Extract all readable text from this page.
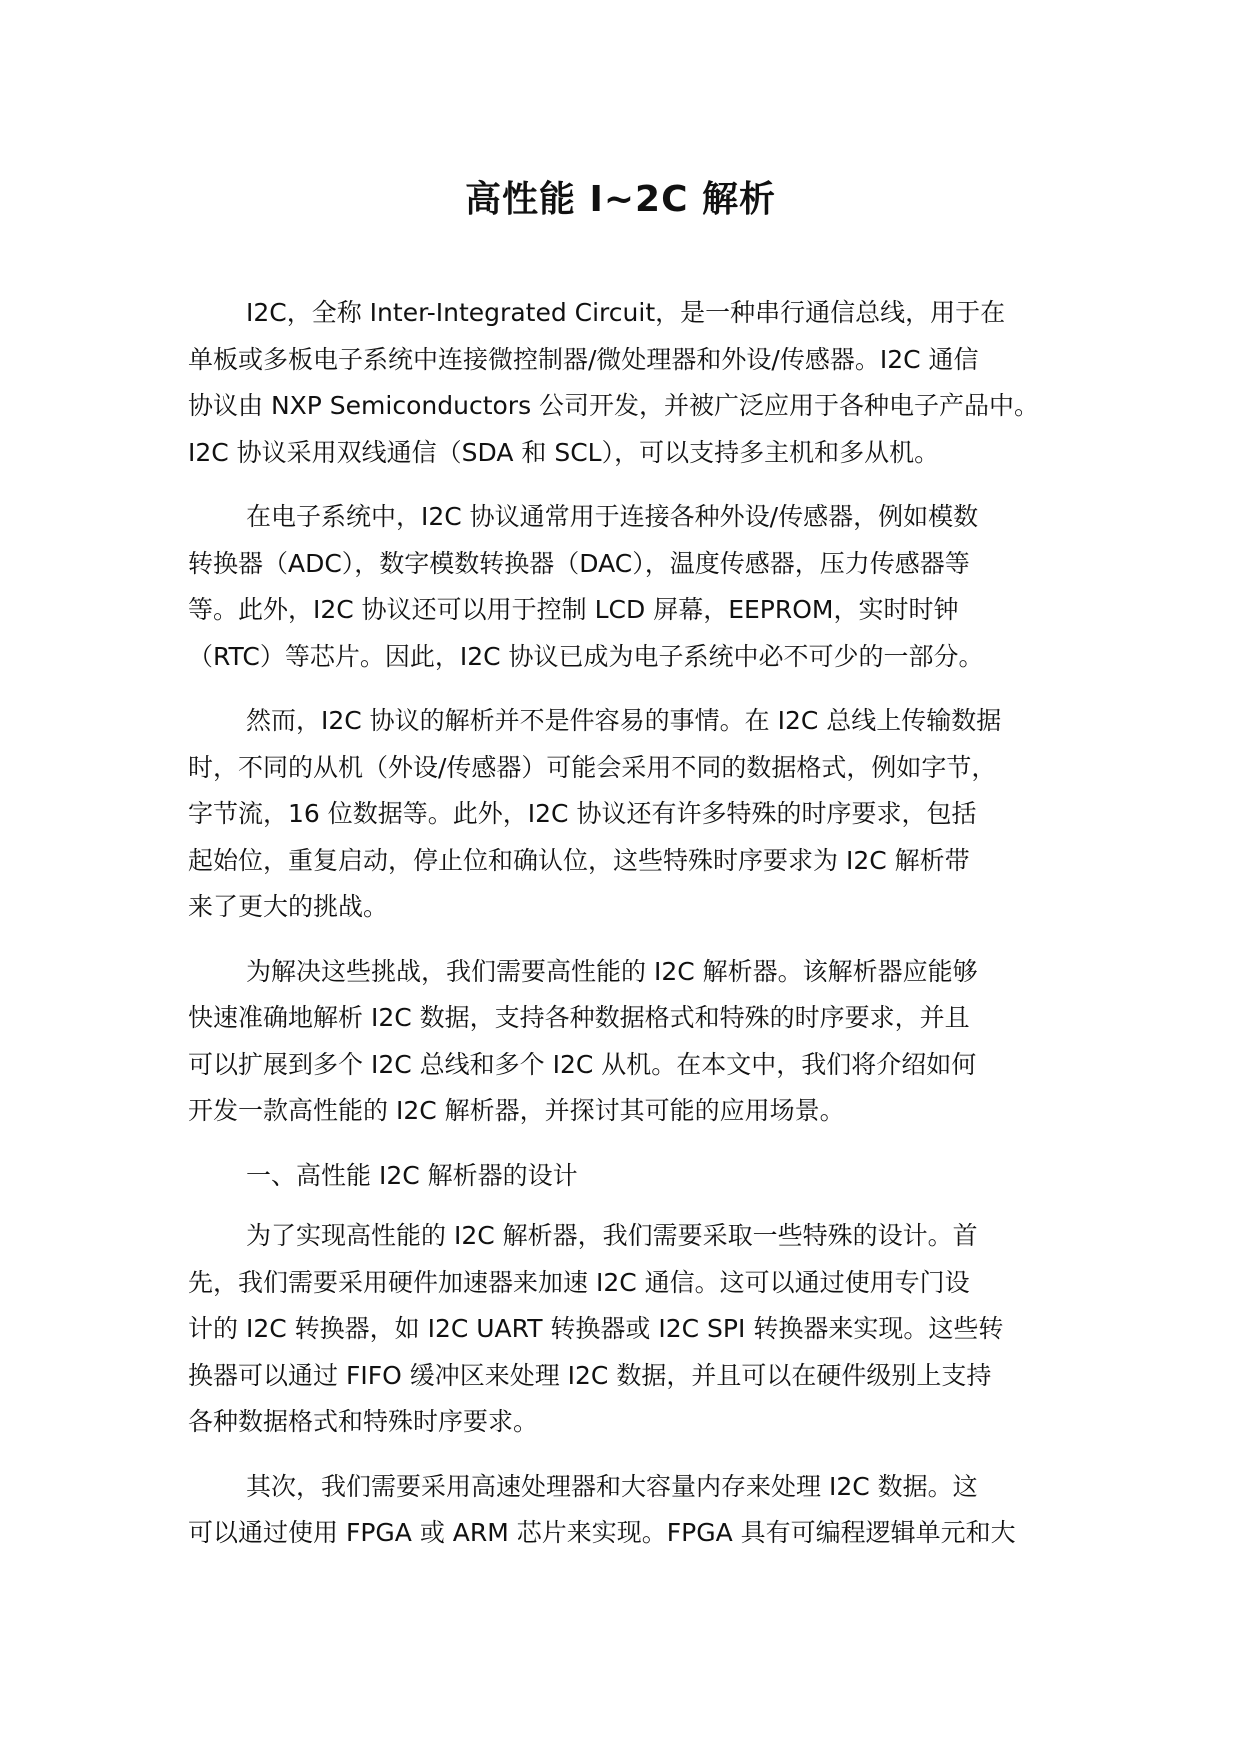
高性能 I~2C 解析
I2C，全称 Inter-Integrated Circuit，是一种串行通信总线，用于在
单板或多板电子系统中连接微控制器/微处理器和外设/传感器。I2C 通信
协议由 NXP Semiconductors 公司开发，并被广泛应用于各种电子产品中。
I2C 协议采用双线通信（SDA 和 SCL），可以支持多主机和多从机。
在电子系统中，I2C 协议通常用于连接各种外设/传感器，例如模数
转换器（ADC），数字模数转换器（DAC），温度传感器，压力传感器等
等。此外，I2C 协议还可以用于控制 LCD 屏幕，EEPROM，实时时钟
（RTC）等芯片。因此，I2C 协议已成为电子系统中必不可少的一部分。
然而，I2C 协议的解析并不是件容易的事情。在 I2C 总线上传输数据
时，不同的从机（外设/传感器）可能会采用不同的数据格式，例如字节，
字节流，16 位数据等。此外，I2C 协议还有许多特殊的时序要求，包括
起始位，重复启动，停止位和确认位，这些特殊时序要求为 I2C 解析带
来了更大的挑战。
为解决这些挑战，我们需要高性能的 I2C 解析器。该解析器应能够
快速准确地解析 I2C 数据，支持各种数据格式和特殊的时序要求，并且
可以扩展到多个 I2C 总线和多个 I2C 从机。在本文中，我们将介绍如何
开发一款高性能的 I2C 解析器，并探讨其可能的应用场景。
一、高性能 I2C 解析器的设计
为了实现高性能的 I2C 解析器，我们需要采取一些特殊的设计。首
先，我们需要采用硬件加速器来加速 I2C 通信。这可以通过使用专门设
计的 I2C 转换器，如 I2C UART 转换器或 I2C SPI 转换器来实现。这些转
换器可以通过 FIFO 缓冲区来处理 I2C 数据，并且可以在硬件级别上支持
各种数据格式和特殊时序要求。
其次，我们需要采用高速处理器和大容量内存来处理 I2C 数据。这
可以通过使用 FPGA 或 ARM 芯片来实现。FPGA 具有可编程逻辑单元和大
